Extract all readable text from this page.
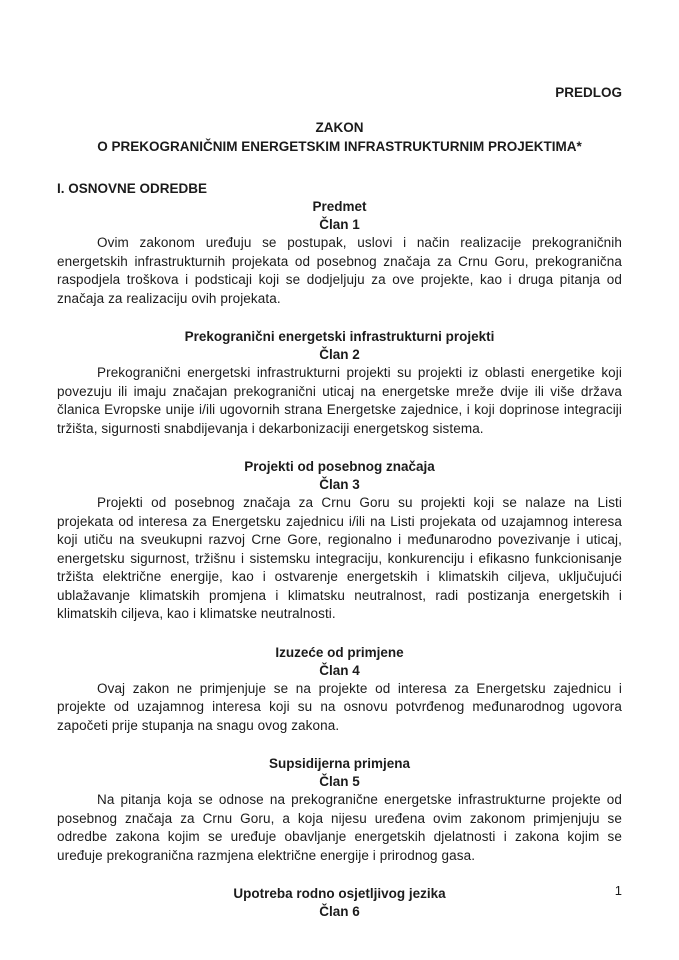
PREDLOG

ZAKON

O PREKOGRANIČNIM ENERGETSKIM INFRASTRUKTURNIM PROJEKTIMA*

I. OSNOVNE ODREDBE

Predmet

Član 1

Ovim zakonom uređuju se postupak, uslovi i način realizacije prekograničnih energetskih infrastrukturnih projekata od posebnog značaja za Crnu Goru, prekogranična raspodjela troškova i podsticaji koji se dodjeljuju za ove projekte, kao i druga pitanja od značaja za realizaciju ovih projekata.

Prekogranični energetski infrastrukturni projekti

Član 2

Prekogranični energetski infrastrukturni projekti su projekti iz oblasti energetike koji povezuju ili imaju značajan prekogranični uticaj na energetske mreže dvije ili više država članica Evropske unije i/ili ugovornih strana Energetske zajednice, i koji doprinose integraciji tržišta, sigurnosti snabdijevanja i dekarbonizaciji energetskog sistema.

Projekti od posebnog značaja

Član 3

Projekti od posebnog značaja za Crnu Goru su projekti koji se nalaze na Listi projekata od interesa za Energetsku zajednicu i/ili na Listi projekata od uzajamnog interesa koji utiču na sveukupni razvoj Crne Gore, regionalno i međunarodno povezivanje i uticaj, energetsku sigurnost, tržišnu i sistemsku integraciju, konkurenciju i efikasno funkcionisanje tržišta električne energije, kao i ostvarenje energetskih i klimatskih ciljeva, uključujući ublažavanje klimatskih promjena i klimatsku neutralnost, radi postizanja energetskih i klimatskih ciljeva, kao i klimatske neutralnosti.

Izuzeće od primjene

Član 4

Ovaj zakon ne primjenjuje se na projekte od interesa za Energetsku zajednicu i projekte od uzajamnog interesa koji su na osnovu potvrđenog međunarodnog ugovora započeti prije stupanja na snagu ovog zakona.

Supsidijerna primjena

Član 5

Na pitanja koja se odnose na prekogranične energetske infrastrukturne projekte od posebnog značaja za Crnu Goru, a koja nijesu uređena ovim zakonom primjenjuju se odredbe zakona kojim se uređuje obavljanje energetskih djelatnosti i zakona kojim se uređuje prekogranična razmjena električne energije i prirodnog gasa.

Upotreba rodno osjetljivog jezika

Član 6

1
